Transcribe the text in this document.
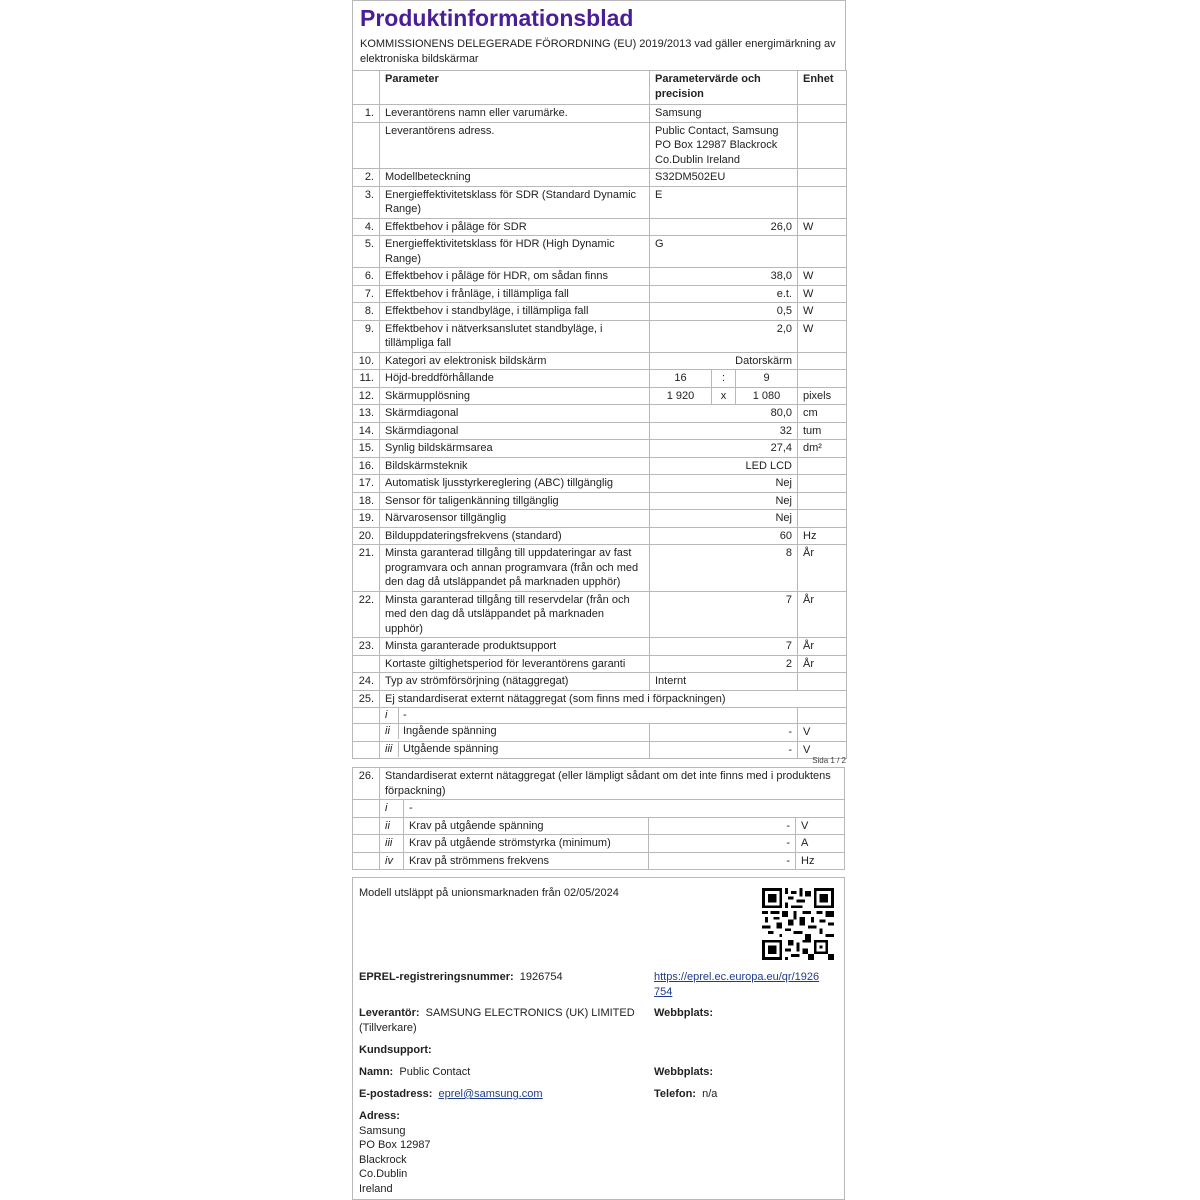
Produktinformationsblad
KOMMISSIONENS DELEGERADE FÖRORDNING (EU) 2019/2013 vad gäller energimärkning av elektroniska bildskärmar
	Parameter	Parametervärde och precision			Enhet
1.	Leverantörens namn eller varumärke.	Samsung			
	Leverantörens adress.	Public Contact, Samsung PO Box 12987 Blackrock Co.Dublin Ireland			
2.	Modellbeteckning	S32DM502EU			
3.	Energieffektivitetsklass för SDR (Standard Dynamic Range)	E			
4.	Effektbehov i påläge för SDR	26,0			W
5.	Energieffektivitetsklass för HDR (High Dynamic Range)	G			
6.	Effektbehov i påläge för HDR, om sådan finns	38,0			W
7.	Effektbehov i frånläge, i tillämpliga fall	e.t.			W
8.	Effektbehov i standbyläge, i tillämpliga fall	0,5			W
9.	Effektbehov i nätverksanslutet standbyläge, i tillämpliga fall	2,0			W
10.	Kategori av elektronisk bildskärm	Datorskärm			
11.	Höjd-breddförhållande	16	:	9	
12.	Skärmupplösning	1 920	x	1 080	pixels
13.	Skärmdiagonal	80,0			cm
14.	Skärmdiagonal	32			tum
15.	Synlig bildskärmsarea	27,4			dm²
16.	Bildskärmsteknik	LED LCD			
17.	Automatisk ljusstyrkereglering (ABC) tillgänglig	Nej			
18.	Sensor för taligenkänning tillgänglig	Nej			
19.	Närvarosensor tillgänglig	Nej			
20.	Bilduppdateringsfrekvens (standard)	60			Hz
21.	Minsta garanterad tillgång till uppdateringar av fast programvara och annan programvara (från och med den dag då utsläppandet på marknaden upphör)	8			År
22.	Minsta garanterad tillgång till reservdelar (från och med den dag då utsläppandet på marknaden upphör)	7			År
23.	Minsta garanterade produktsupport	7			År
	Kortaste giltighetsperiod för leverantörens garanti	2			År
24.	Typ av strömförsörjning (nätaggregat)	Internt			
25.	Ej standardiserat externt nätaggregat (som finns med i förpackningen)				
	i -				
	ii Ingående spänning	-			V
	iii Utgående spänning	-			V
Sida 1 / 2
26.	Standardiserat externt nätaggregat (eller lämpligt sådant om det inte finns med i produktens förpackning)			
	i	-		
	ii	Krav på utgående spänning	-	V
	iii	Krav på utgående strömstyrka (minimum)	-	A
	iv	Krav på strömmens frekvens	-	Hz
Modell utsläppt på unionsmarknaden från 02/05/2024
EPREL-registreringsnummer: 1926754	https://eprel.ec.europa.eu/qr/1926754
Leverantör: SAMSUNG ELECTRONICS (UK) LIMITED (Tillverkare)
Webbplats:
Kundsupport:
Namn: Public Contact	Webbplats:
E-postadress: eprel@samsung.com	Telefon: n/a
Adress:
Samsung
PO Box 12987
Blackrock
Co.Dublin
Ireland
